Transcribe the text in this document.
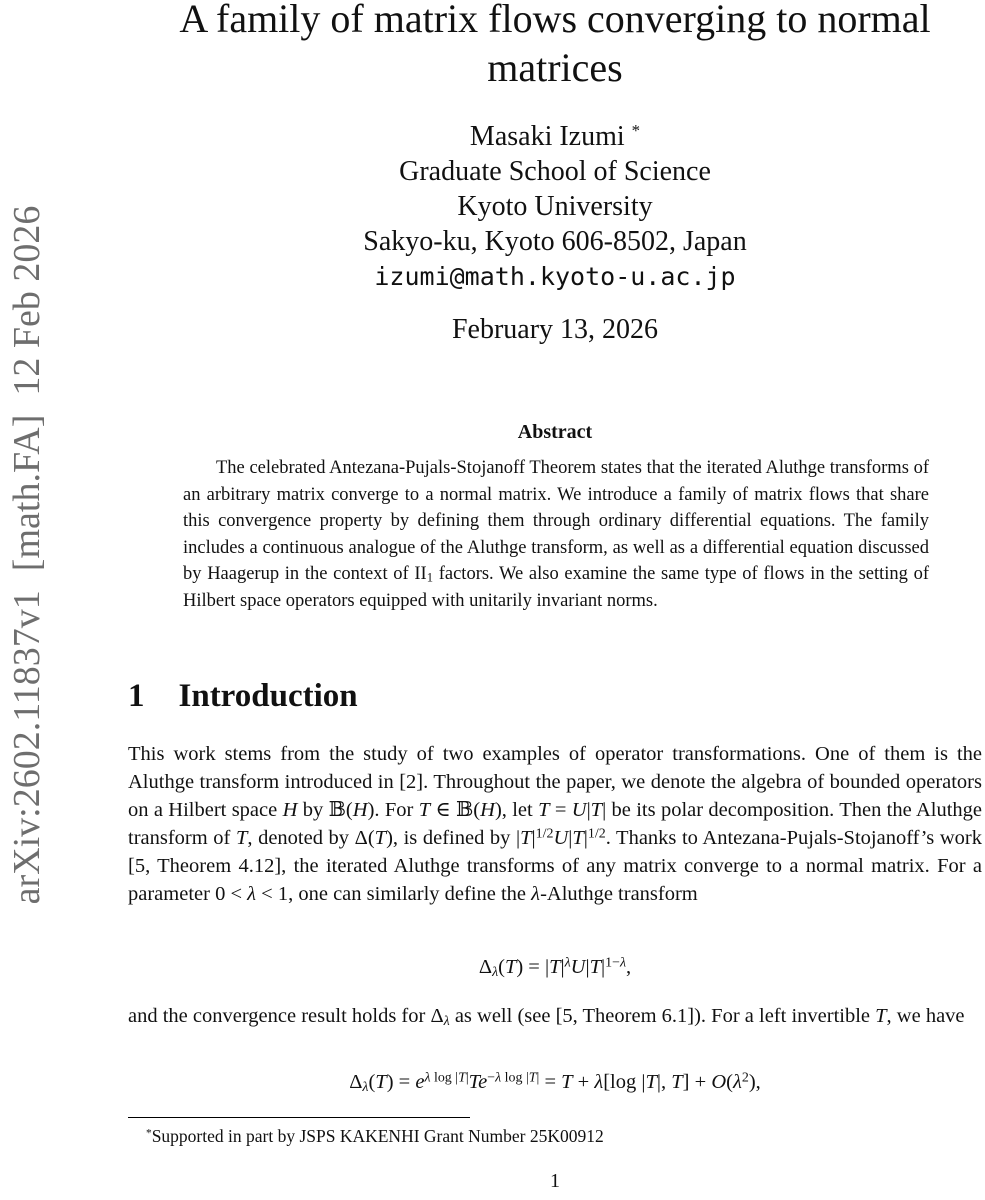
arXiv:2602.11837v1  [math.FA]  12 Feb 2026
A family of matrix flows converging to normal matrices
Masaki Izumi *
Graduate School of Science
Kyoto University
Sakyo-ku, Kyoto 606-8502, Japan
izumi@math.kyoto-u.ac.jp
February 13, 2026
Abstract

The celebrated Antezana-Pujals-Stojanoff Theorem states that the iterated Aluthge transforms of an arbitrary matrix converge to a normal matrix. We introduce a family of matrix flows that share this convergence property by defining them through ordinary differential equations. The family includes a continuous analogue of the Aluthge transform, as well as a differential equation discussed by Haagerup in the context of $II_1$ factors. We also examine the same type of flows in the setting of Hilbert space operators equipped with unitarily invariant norms.

1 Introduction

This work stems from the study of two examples of operator transformations. One of them is the Aluthge transform introduced in [2]. Throughout the paper, we denote the algebra of bounded operators on a Hilbert space H by 𝔹(H). For T ∈ 𝔹(H), let T = U|T| be its polar decomposition. Then the Aluthge transform of T, denoted by Δ(T), is defined by $|T|^{1/2}U|T|^{1/2}$. Thanks to Antezana-Pujals-Stojanoff’s work [5, Theorem 4.12], the iterated Aluthge transforms of any matrix converge to a normal matrix. For a parameter 0 < λ < 1, one can similarly define the λ-Aluthge transform

$\Delta_\lambda(T) = |T|^\lambda U|T|^{1-\lambda}$,

and the convergence result holds for $\Delta_\lambda$ as well (see [5, Theorem 6.1]). For a left invertible T, we have

$\Delta_\lambda(T) = e^{\lambda log |T|}Te^{-\lambda log |T|} = T + \lambda[\log$ |T|, $T] + O(\lambda^2)$,

*Supported in part by JSPS KAKENHI Grant Number 25K00912

1
